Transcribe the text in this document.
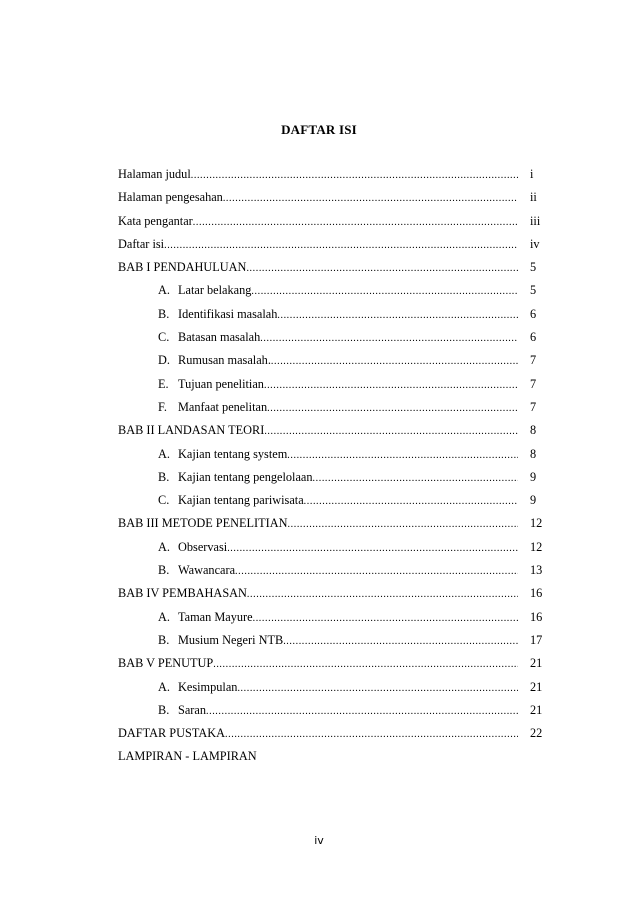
DAFTAR ISI
Halaman judul .....	i
Halaman pengesahan .....	ii
Kata pengantar .....	iii
Daftar isi .....	iv
BAB I PENDAHULUAN .....	5
A. Latar belakang .....	5
B. Identifikasi masalah .....	6
C. Batasan masalah .....	6
D. Rumusan masalah. .....	7
E. Tujuan penelitian .....	7
F. Manfaat penelitan .....	7
BAB II LANDASAN TEORI .....	8
A. Kajian tentang system .....	8
B. Kajian tentang pengelolaan .....	9
C. Kajian tentang pariwisata .....	9
BAB III METODE PENELITIAN .....	12
A. Observasi .....	12
B. Wawancara .....	13
BAB IV PEMBAHASAN .....	16
A. Taman Mayure .....	16
B. Musium Negeri NTB .....	17
BAB V PENUTUP .....	21
A. Kesimpulan .....	21
B. Saran .....	21
DAFTAR PUSTAKA .....	22
LAMPIRAN - LAMPIRAN
iv
